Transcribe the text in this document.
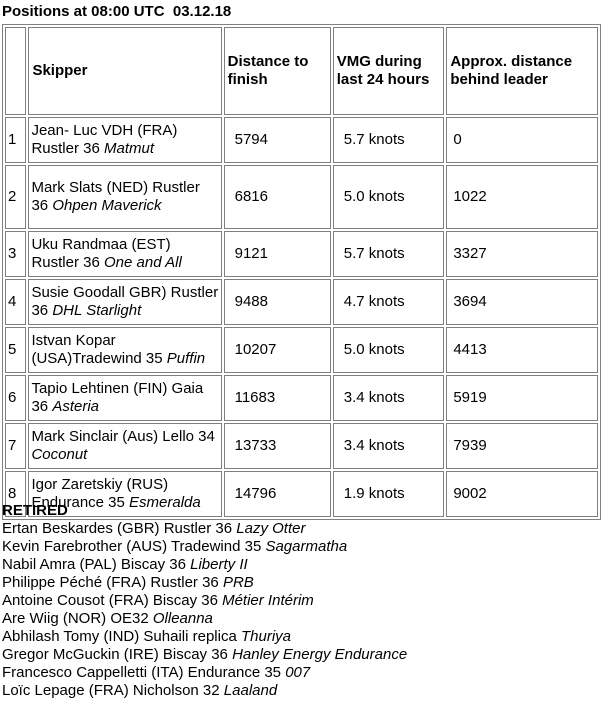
Positions at 08:00 UTC  03.12.18
	Skipper	Distance to finish	VMG during last 24 hours	Approx. distance behind leader
1	Jean- Luc VDH (FRA) Rustler 36 Matmut	5794	5.7 knots	0
2	Mark Slats (NED) Rustler 36 Ohpen Maverick	6816	5.0 knots	1022
3	Uku Randmaa (EST) Rustler 36 One and All	9121	5.7 knots	3327
4	Susie Goodall GBR) Rustler 36 DHL Starlight	9488	4.7 knots	3694
5	Istvan Kopar (USA)Tradewind 35 Puffin	10207	5.0 knots	4413
6	Tapio Lehtinen (FIN) Gaia 36 Asteria	11683	3.4 knots	5919
7	Mark Sinclair (Aus) Lello 34 Coconut	13733	3.4 knots	7939
8	Igor Zaretskiy (RUS) Endurance 35 Esmeralda	14796	1.9 knots	9002
RETIRED
Ertan Beskardes (GBR) Rustler 36 Lazy Otter
Kevin Farebrother (AUS) Tradewind 35 Sagarmatha
Nabil Amra (PAL) Biscay 36 Liberty II
Philippe Péché (FRA) Rustler 36 PRB
Antoine Cousot (FRA) Biscay 36 Métier Intérim
Are Wiig (NOR) OE32 Olleanna
Abhilash Tomy (IND) Suhaili replica Thuriya
Gregor McGuckin (IRE) Biscay 36 Hanley Energy Endurance
Francesco Cappelletti (ITA) Endurance 35 007
Loïc Lepage (FRA) Nicholson 32 Laaland
